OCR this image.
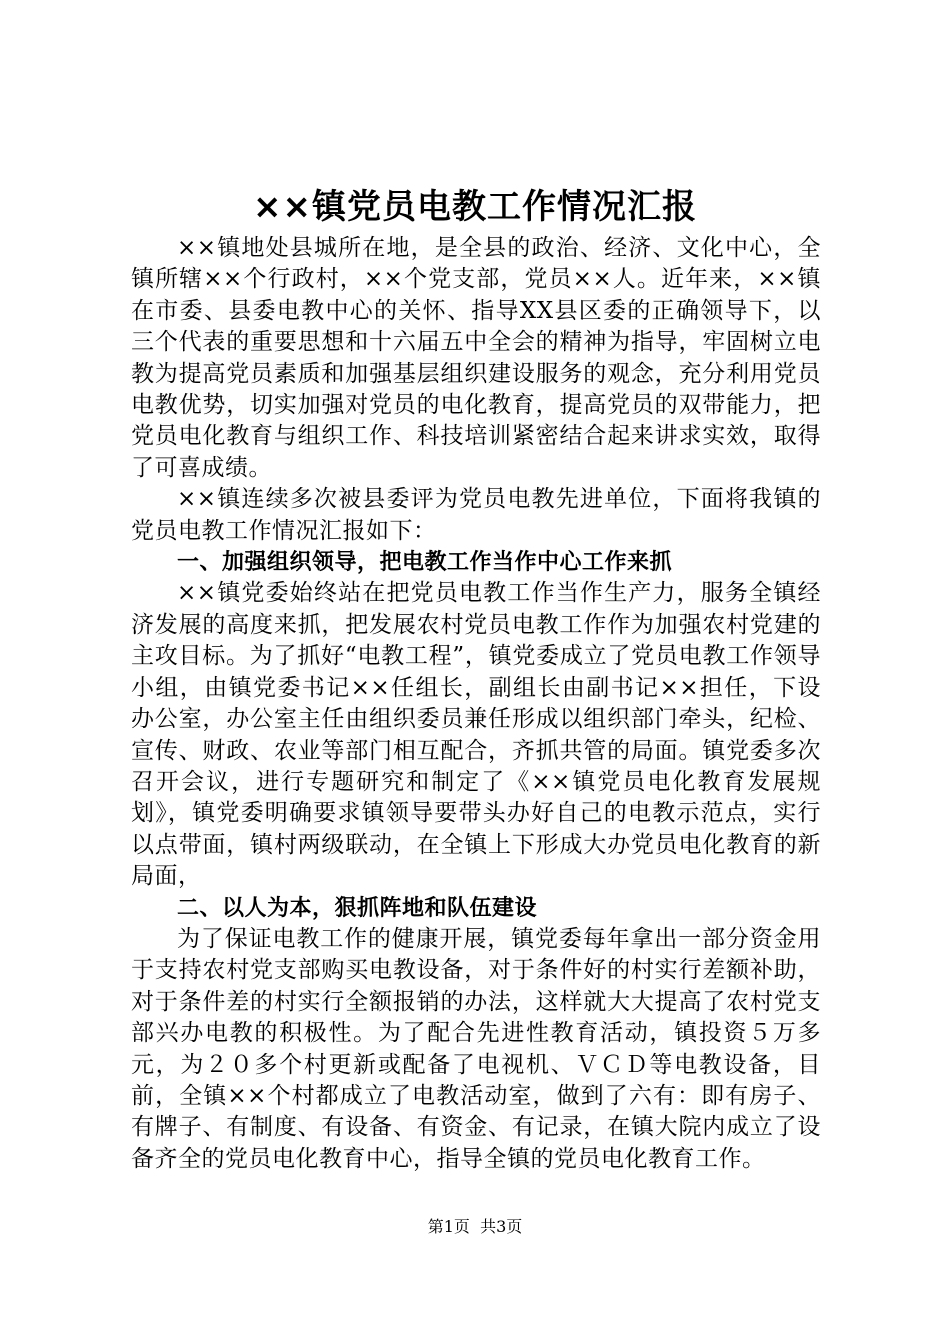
××镇党员电教工作情况汇报

××镇地处县城所在地，是全县的政治、经济、文化中心，全镇所辖××个行政村，××个党支部，党员××人。近年来，××镇在市委、县委电教中心的关怀、指导XX县区委的正确领导下，以三个代表的重要思想和十六届五中全会的精神为指导，牢固树立电教为提高党员素质和加强基层组织建设服务的观念，充分利用党员电教优势，切实加强对党员的电化教育，提高党员的双带能力，把党员电化教育与组织工作、科技培训紧密结合起来讲求实效，取得了可喜成绩。

××镇连续多次被县委评为党员电教先进单位，下面将我镇的党员电教工作情况汇报如下：

一、加强组织领导，把电教工作当作中心工作来抓

××镇党委始终站在把党员电教工作当作生产力，服务全镇经济发展的高度来抓，把发展农村党员电教工作作为加强农村党建的主攻目标。为了抓好“电教工程”，镇党委成立了党员电教工作领导小组，由镇党委书记××任组长，副组长由副书记××担任，下设办公室，办公室主任由组织委员兼任形成以组织部门牵头，纪检、宣传、财政、农业等部门相互配合，齐抓共管的局面。镇党委多次召开会议，进行专题研究和制定了《××镇党员电化教育发展规划》，镇党委明确要求镇领导要带头办好自己的电教示范点，实行以点带面，镇村两级联动，在全镇上下形成大办党员电化教育的新局面，

二、以人为本，狠抓阵地和队伍建设

为了保证电教工作的健康开展，镇党委每年拿出一部分资金用于支持农村党支部购买电教设备，对于条件好的村实行差额补助，对于条件差的村实行全额报销的办法，这样就大大提高了农村党支部兴办电教的积极性。为了配合先进性教育活动，镇投资５万多元，为２０多个村更新或配备了电视机、ＶＣＤ等电教设备，目前，全镇××个村都成立了电教活动室，做到了六有：即有房子、有牌子、有制度、有设备、有资金、有记录，在镇大院内成立了设备齐全的党员电化教育中心，指导全镇的党员电化教育工作。

第1页 共3页
